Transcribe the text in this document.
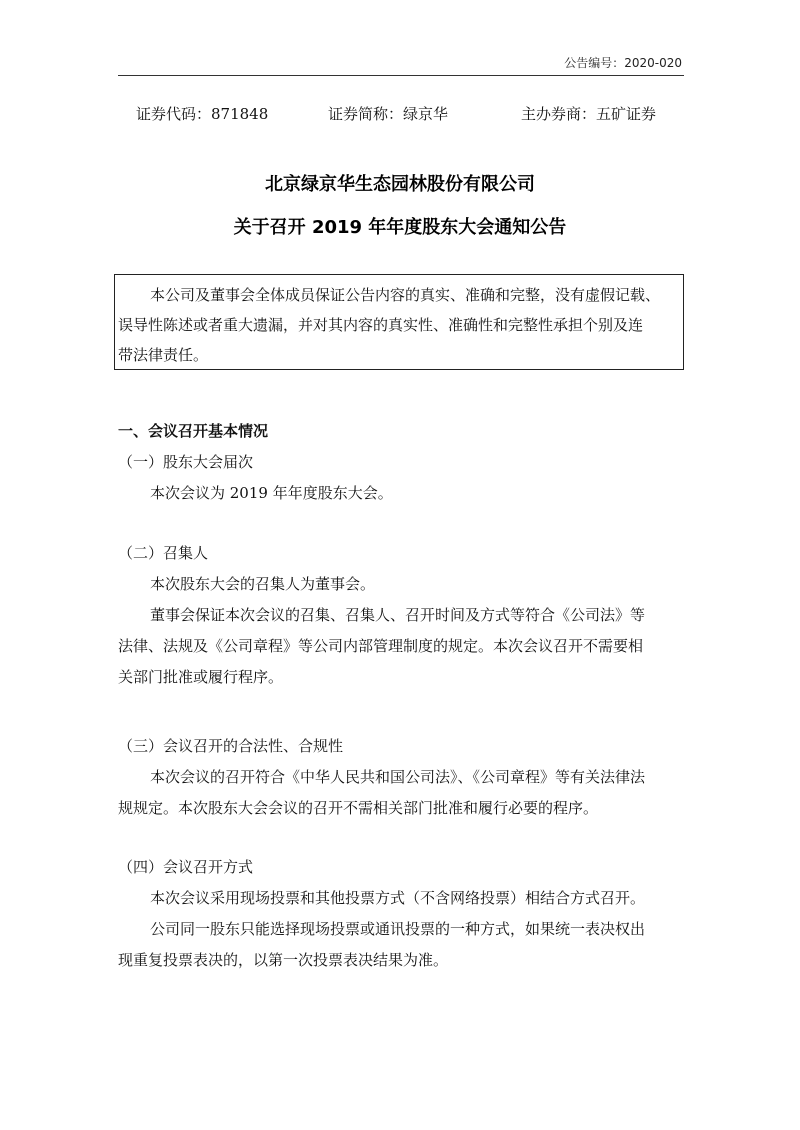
公告编号：2020-020
证券代码：871848	证券简称：绿京华	主办券商：五矿证券
北京绿京华生态园林股份有限公司
关于召开 2019 年年度股东大会通知公告
本公司及董事会全体成员保证公告内容的真实、准确和完整，没有虚假记载、
误导性陈述或者重大遗漏，并对其内容的真实性、准确性和完整性承担个别及连
带法律责任。
一、会议召开基本情况
（一）股东大会届次
本次会议为 2019 年年度股东大会。
（二）召集人
本次股东大会的召集人为董事会。
董事会保证本次会议的召集、召集人、召开时间及方式等符合《公司法》等
法律、法规及《公司章程》等公司内部管理制度的规定。本次会议召开不需要相
关部门批准或履行程序。
（三）会议召开的合法性、合规性
本次会议的召开符合《中华人民共和国公司法》、《公司章程》等有关法律法
规规定。本次股东大会会议的召开不需相关部门批准和履行必要的程序。
（四）会议召开方式
本次会议采用现场投票和其他投票方式（不含网络投票）相结合方式召开。
公司同一股东只能选择现场投票或通讯投票的一种方式，如果统一表决权出
现重复投票表决的，以第一次投票表决结果为准。
